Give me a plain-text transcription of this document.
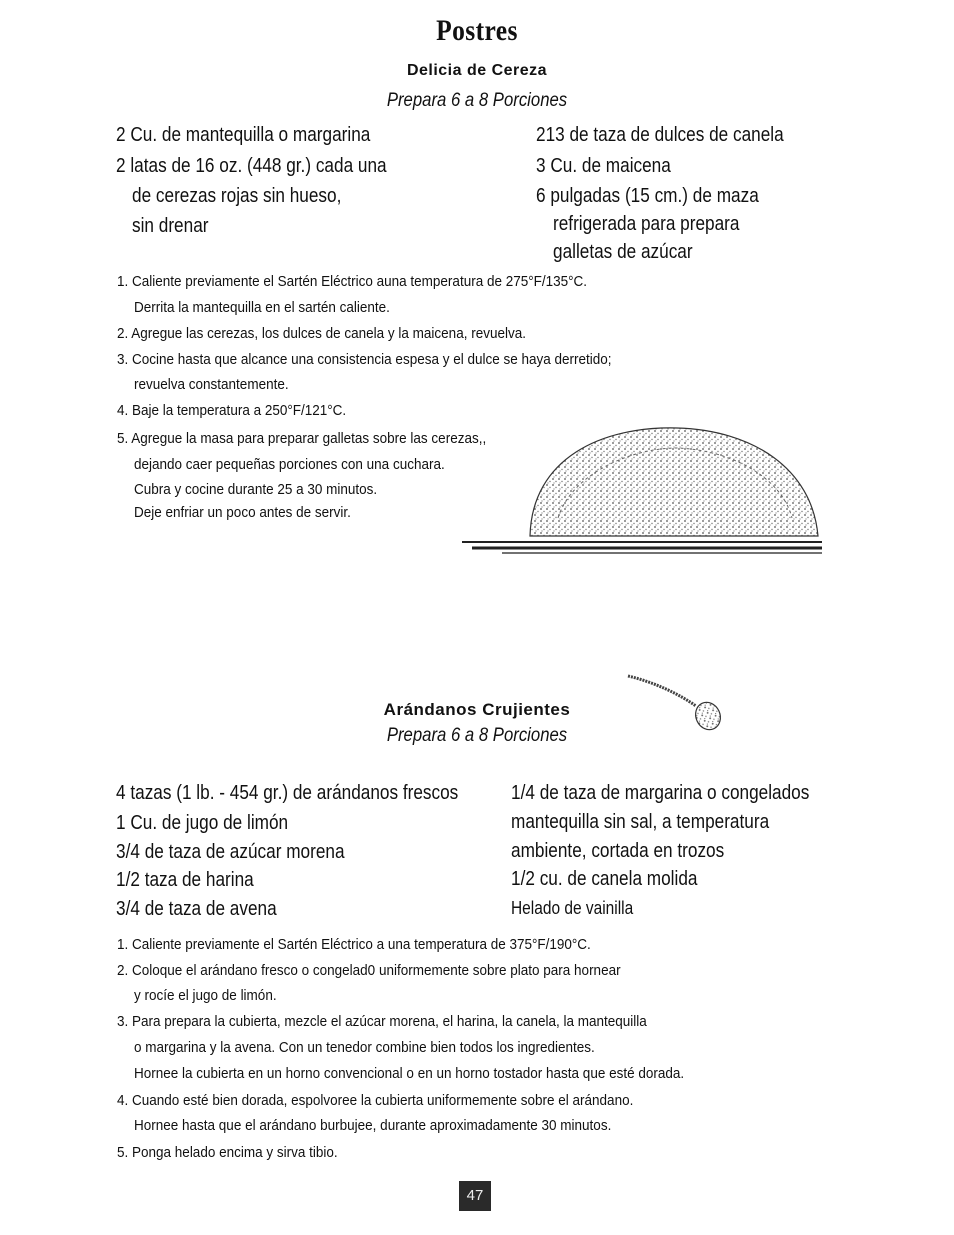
Postres
Delicia de Cereza
Prepara 6 a 8 Porciones
2 Cu. de mantequilla o margarina
2 latas de 16 oz. (448 gr.) cada una
de cerezas rojas sin hueso,
sin drenar
213 de taza de dulces de canela
3 Cu. de maicena
6 pulgadas (15 cm.) de maza
refrigerada para prepara
galletas de azúcar
1. Caliente previamente el Sartén Eléctrico auna temperatura de 275°F/135°C.
Derrita la mantequilla en el sartén caliente.
2. Agregue las cerezas, los dulces de canela y la maicena, revuelva.
3. Cocine hasta que alcance una consistencia espesa y el dulce se haya derretido;
revuelva constantemente.
4. Baje la temperatura a 250°F/121°C.
5. Agregue la masa para preparar galletas sobre las cerezas,,
dejando caer pequeñas porciones con una cuchara.
Cubra y cocine durante 25 a 30 minutos.
Deje enfriar un poco antes de servir.
Arándanos Crujientes
Prepara 6 a 8 Porciones
4 tazas (1 lb. - 454 gr.) de arándanos frescos
1 Cu. de jugo de limón
3/4 de taza de azúcar morena
1/2 taza de harina
3/4 de taza de avena
1/4 de taza de margarina o congelados
mantequilla sin sal, a temperatura
ambiente, cortada en trozos
1/2 cu. de canela molida
Helado de vainilla
1. Caliente previamente el Sartén Eléctrico a una temperatura de 375°F/190°C.
2. Coloque el arándano fresco o congelad0 uniformemente sobre plato para hornear
y rocíe el jugo de limón.
3. Para prepara la cubierta, mezcle el azúcar morena, el harina, la canela, la mantequilla
o margarina y la avena. Con un tenedor combine bien todos los ingredientes.
Hornee la cubierta en un horno convencional o en un horno tostador hasta que esté dorada.
4. Cuando esté bien dorada, espolvoree la cubierta uniformemente sobre el arándano.
Hornee hasta que el arándano burbujee, durante aproximadamente 30 minutos.
5. Ponga helado encima y sirva tibio.
47
